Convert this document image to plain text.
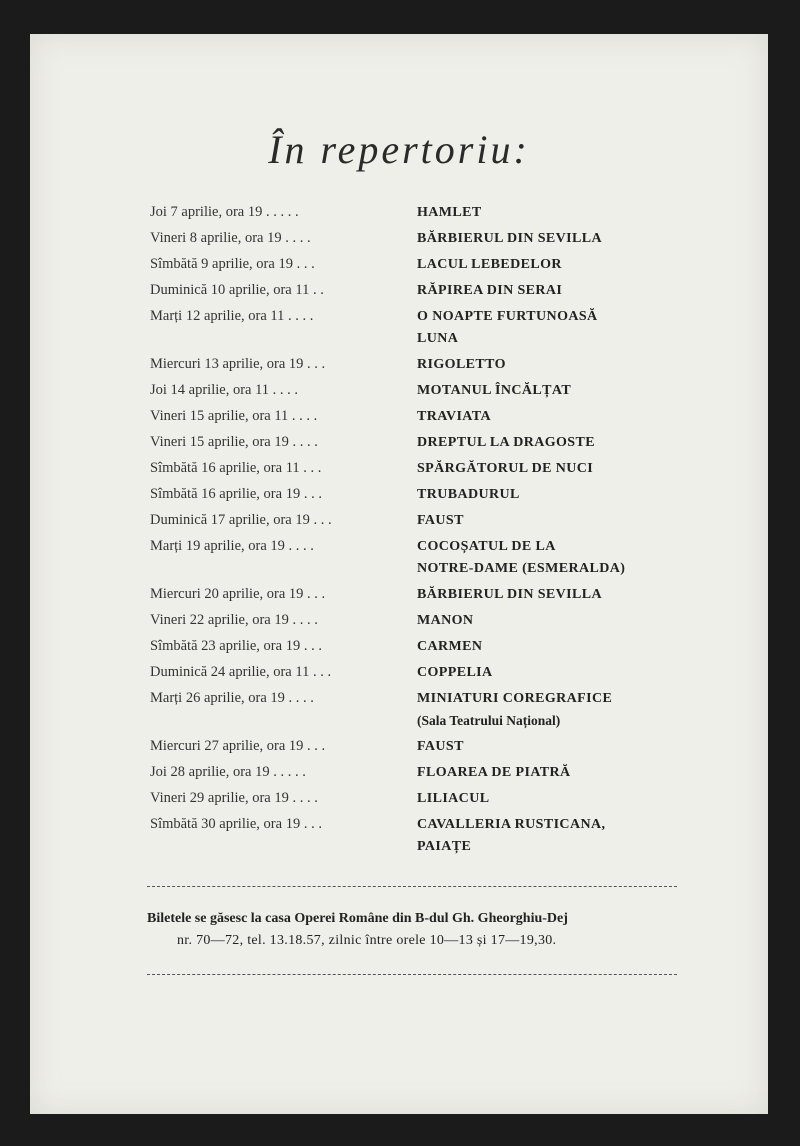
În repertoriu:
Joi 7 aprilie, ora 19 . . . . .	HAMLET
Vineri 8 aprilie, ora 19 . . . .	BĂRBIERUL DIN SEVILLA
Sîmbătă 9 aprilie, ora 19 . . .	LACUL LEBEDELOR
Duminică 10 aprilie, ora 11 . .	RĂPIREA DIN SERAI
Marți 12 aprilie, ora 11 . . . .	O NOAPTE FURTUNOASĂ
LUNA
Miercuri 13 aprilie, ora 19 . . .	RIGOLETTO
Joi 14 aprilie, ora 11 . . . .	MOTANUL ÎNCĂLȚAT
Vineri 15 aprilie, ora 11 . . . .	TRAVIATA
Vineri 15 aprilie, ora 19 . . . .	DREPTUL LA DRAGOSTE
Sîmbătă 16 aprilie, ora 11 . . .	SPĂRGĂTORUL DE NUCI
Sîmbătă 16 aprilie, ora 19 . . .	TRUBADURUL
Duminică 17 aprilie, ora 19 . . .	FAUST
Marți 19 aprilie, ora 19 . . . .	COCOȘATUL DE LA
NOTRE-DAME (ESMERALDA)
Miercuri 20 aprilie, ora 19 . . .	BĂRBIERUL DIN SEVILLA
Vineri 22 aprilie, ora 19 . . . .	MANON
Sîmbătă 23 aprilie, ora 19 . . .	CARMEN
Duminică 24 aprilie, ora 11 . . .	COPPELIA
Marți 26 aprilie, ora 19 . . . .	MINIATURI COREGRAFICE
(Sala Teatrului Național)
Miercuri 27 aprilie, ora 19 . . .	FAUST
Joi 28 aprilie, ora 19 . . . . .	FLOAREA DE PIATRĂ
Vineri 29 aprilie, ora 19 . . . .	LILIACUL
Sîmbătă 30 aprilie, ora 19 . . .	CAVALLERIA RUSTICANA,
PAIAȚE
Biletele se găsesc la casa Operei Române din B-dul Gh. Gheorghiu-Dej
nr. 70—72, tel. 13.18.57, zilnic între orele 10—13 și 17—19,30.
